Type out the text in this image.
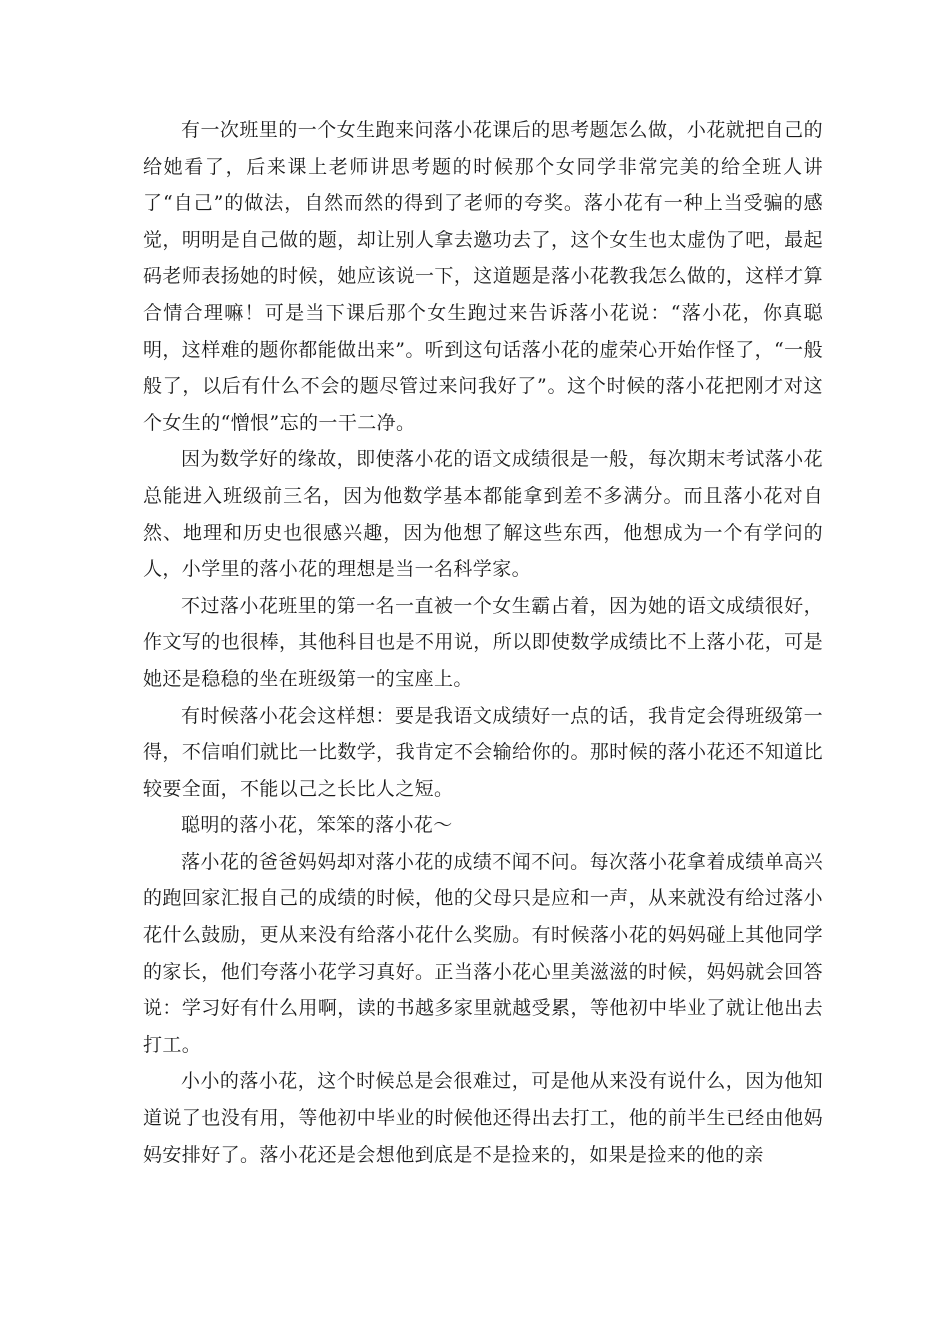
有一次班里的一个女生跑来问落小花课后的思考题怎么做，小花就把自己的给她看了，后来课上老师讲思考题的时候那个女同学非常完美的给全班人讲了“自己”的做法，自然而然的得到了老师的夸奖。落小花有一种上当受骗的感觉，明明是自己做的题，却让别人拿去邀功去了，这个女生也太虚伪了吧，最起码老师表扬她的时候，她应该说一下，这道题是落小花教我怎么做的，这样才算合情合理嘛！可是当下课后那个女生跑过来告诉落小花说：“落小花，你真聪明，这样难的题你都能做出来”。听到这句话落小花的虚荣心开始作怪了，“一般般了，以后有什么不会的题尽管过来问我好了”。这个时候的落小花把刚才对这个女生的“憎恨”忘的一干二净。

因为数学好的缘故，即使落小花的语文成绩很是一般，每次期末考试落小花总能进入班级前三名，因为他数学基本都能拿到差不多满分。而且落小花对自然、地理和历史也很感兴趣，因为他想了解这些东西，他想成为一个有学问的人，小学里的落小花的理想是当一名科学家。

不过落小花班里的第一名一直被一个女生霸占着，因为她的语文成绩很好，作文写的也很棒，其他科目也是不用说，所以即使数学成绩比不上落小花，可是她还是稳稳的坐在班级第一的宝座上。

有时候落小花会这样想：要是我语文成绩好一点的话，我肯定会得班级第一得，不信咱们就比一比数学，我肯定不会输给你的。那时候的落小花还不知道比较要全面，不能以己之长比人之短。

聪明的落小花，笨笨的落小花～

落小花的爸爸妈妈却对落小花的成绩不闻不问。每次落小花拿着成绩单高兴的跑回家汇报自己的成绩的时候，他的父母只是应和一声，从来就没有给过落小花什么鼓励，更从来没有给落小花什么奖励。有时候落小花的妈妈碰上其他同学的家长，他们夸落小花学习真好。正当落小花心里美滋滋的时候，妈妈就会回答说：学习好有什么用啊，读的书越多家里就越受累，等他初中毕业了就让他出去打工。

小小的落小花，这个时候总是会很难过，可是他从来没有说什么，因为他知道说了也没有用，等他初中毕业的时候他还得出去打工，他的前半生已经由他妈妈安排好了。落小花还是会想他到底是不是捡来的，如果是捡来的他的亲
